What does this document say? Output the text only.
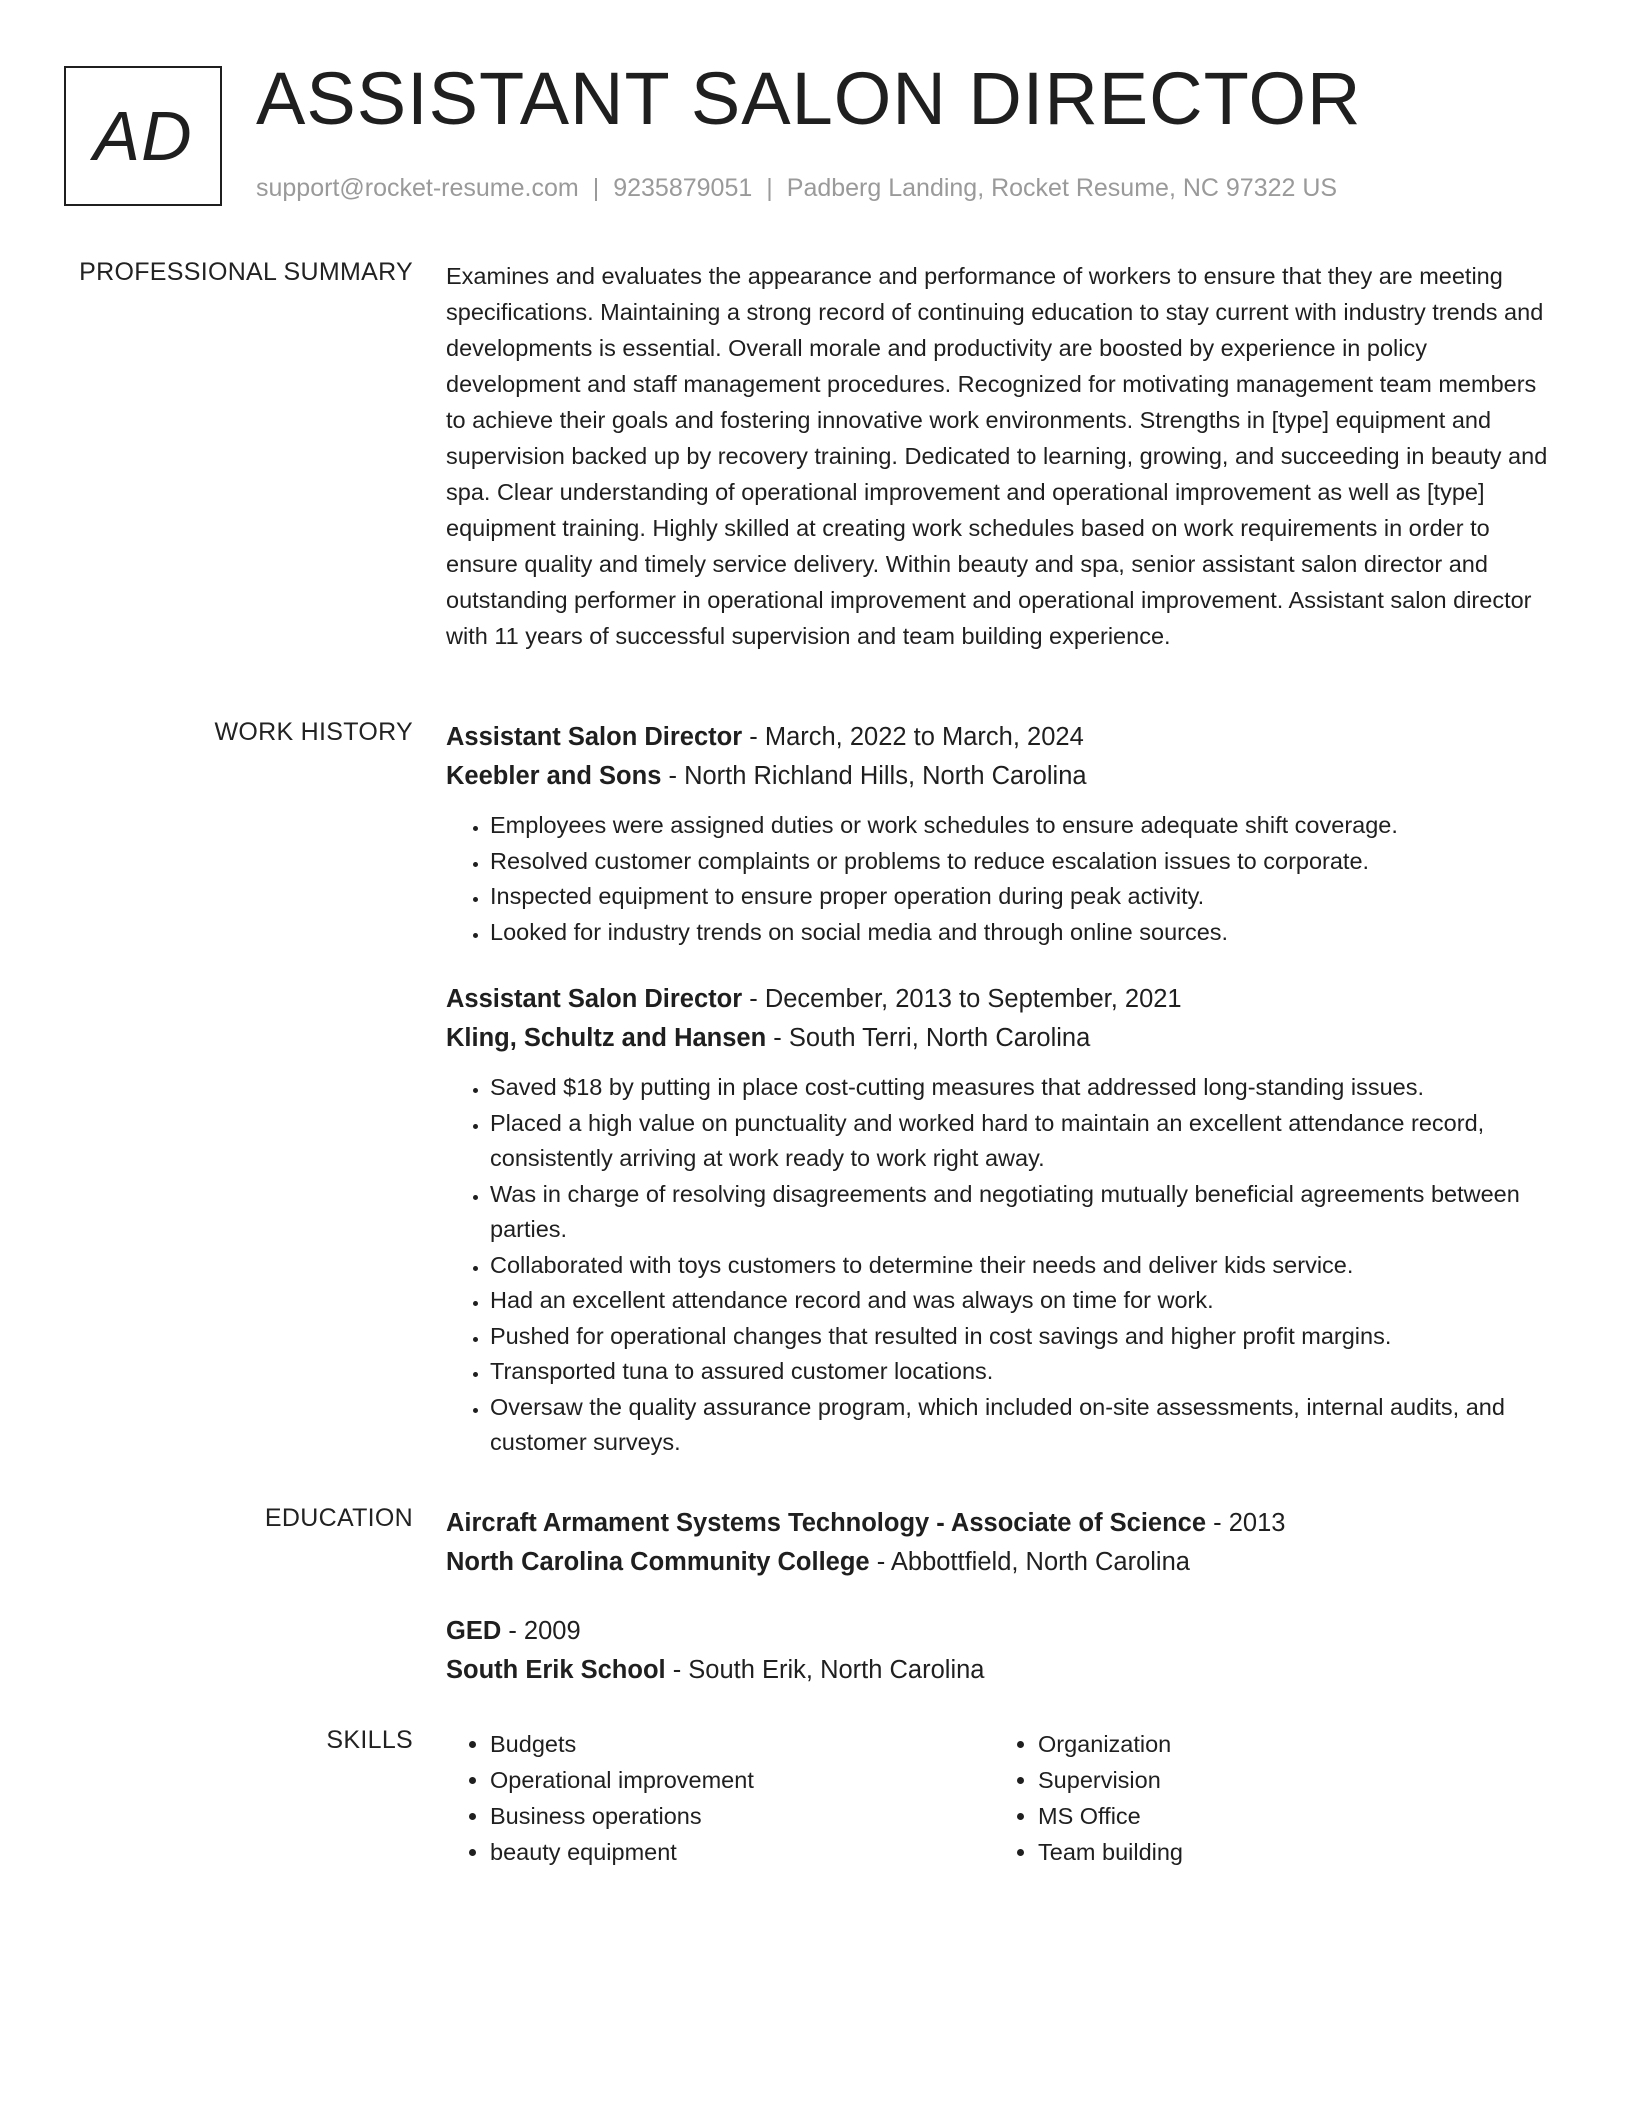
AD ASSISTANT SALON DIRECTOR
support@rocket-resume.com | 9235879051 | Padberg Landing, Rocket Resume, NC 97322 US
PROFESSIONAL SUMMARY Examines and evaluates the appearance and performance of workers to ensure that they are meeting specifications. Maintaining a strong record of continuing education to stay current with industry trends and developments is essential. Overall morale and productivity are boosted by experience in policy development and staff management procedures. Recognized for motivating management team members to achieve their goals and fostering innovative work environments. Strengths in [type] equipment and supervision backed up by recovery training. Dedicated to learning, growing, and succeeding in beauty and spa. Clear understanding of operational improvement and operational improvement as well as [type] equipment training. Highly skilled at creating work schedules based on work requirements in order to ensure quality and timely service delivery. Within beauty and spa, senior assistant salon director and outstanding performer in operational improvement and operational improvement. Assistant salon director with 11 years of successful supervision and team building experience.
WORK HISTORY Assistant Salon Director - March, 2022 to March, 2024
Keebler and Sons - North Richland Hills, North Carolina
• Employees were assigned duties or work schedules to ensure adequate shift coverage.
• Resolved customer complaints or problems to reduce escalation issues to corporate.
• Inspected equipment to ensure proper operation during peak activity.
• Looked for industry trends on social media and through online sources.
Assistant Salon Director - December, 2013 to September, 2021
Kling, Schultz and Hansen - South Terri, North Carolina
• Saved $18 by putting in place cost-cutting measures that addressed long-standing issues.
• Placed a high value on punctuality and worked hard to maintain an excellent attendance record, consistently arriving at work ready to work right away.
• Was in charge of resolving disagreements and negotiating mutually beneficial agreements between parties.
• Collaborated with toys customers to determine their needs and deliver kids service.
• Had an excellent attendance record and was always on time for work.
• Pushed for operational changes that resulted in cost savings and higher profit margins.
• Transported tuna to assured customer locations.
• Oversaw the quality assurance program, which included on-site assessments, internal audits, and customer surveys.
EDUCATION Aircraft Armament Systems Technology - Associate of Science - 2013
North Carolina Community College - Abbottfield, North Carolina
GED - 2009
South Erik School - South Erik, North Carolina
SKILLS
•	Budgets
• Operational improvement
• Business operations
• beauty equipment
• Organization
• Supervision
• MS Office
• Team building
